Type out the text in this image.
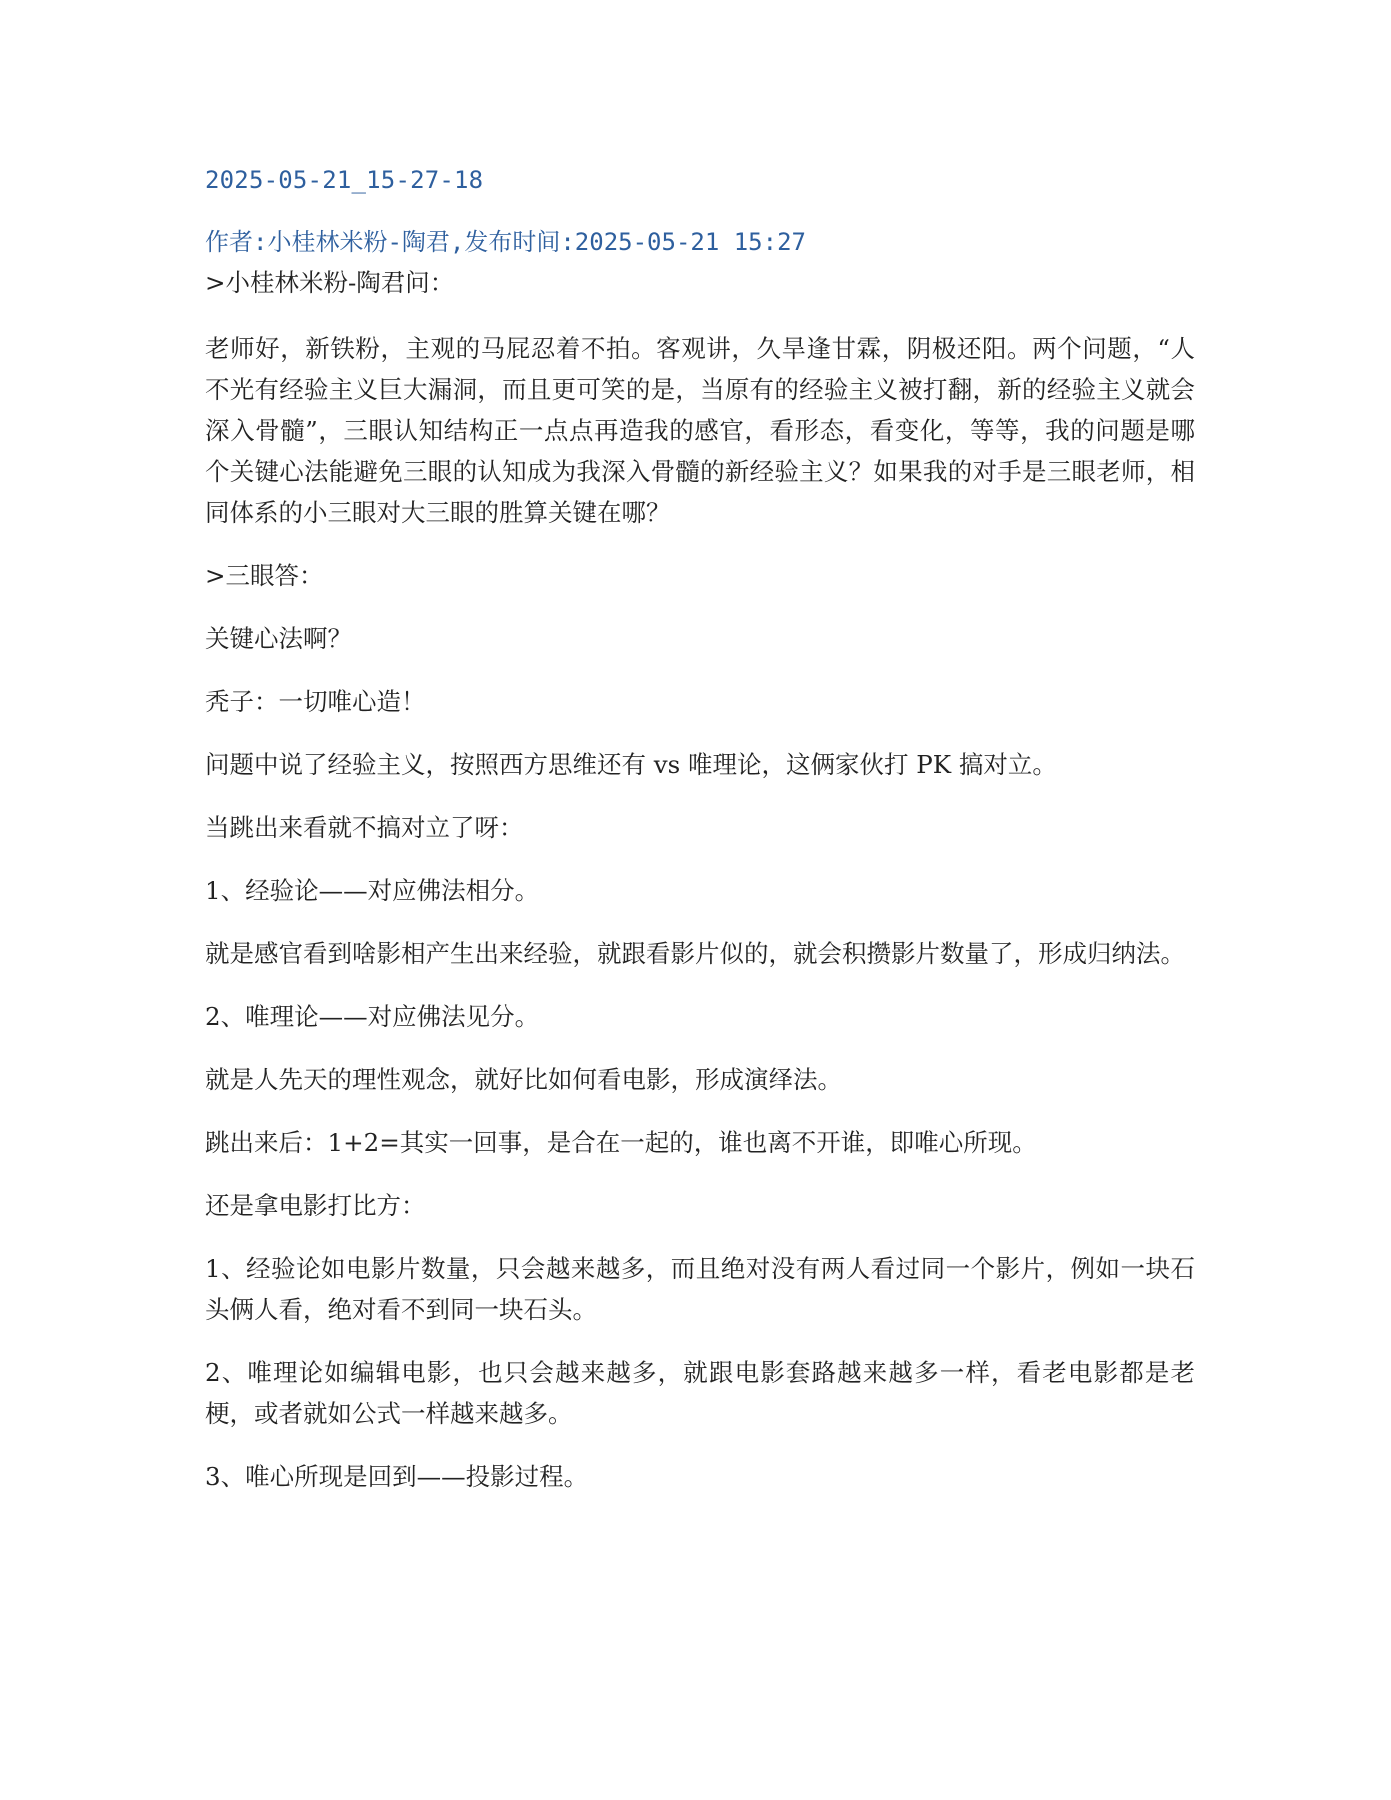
2025-05-21_15-27-18
作者:小桂林米粉-陶君,发布时间:2025-05-21 15:27

>小桂林米粉-陶君问：

老师好，新铁粉，主观的马屁忍着不拍。客观讲，久旱逢甘霖，阴极还阳。两个问题，“人不光有经验主义巨大漏洞，而且更可笑的是，当原有的经验主义被打翻，新的经验主义就会深入骨髓”，三眼认知结构正一点点再造我的感官，看形态，看变化，等等，我的问题是哪个关键心法能避免三眼的认知成为我深入骨髓的新经验主义？如果我的对手是三眼老师，相同体系的小三眼对大三眼的胜算关键在哪？

>三眼答：

关键心法啊？

秃子：一切唯心造！

问题中说了经验主义，按照西方思维还有 vs 唯理论，这俩家伙打 PK 搞对立。

当跳出来看就不搞对立了呀：

1、经验论——对应佛法相分。

就是感官看到啥影相产生出来经验，就跟看影片似的，就会积攒影片数量了，形成归纳法。

2、唯理论——对应佛法见分。

就是人先天的理性观念，就好比如何看电影，形成演绎法。

跳出来后：1+2=其实一回事，是合在一起的，谁也离不开谁，即唯心所现。

还是拿电影打比方：

1、经验论如电影片数量，只会越来越多，而且绝对没有两人看过同一个影片，例如一块石头俩人看，绝对看不到同一块石头。

2、唯理论如编辑电影，也只会越来越多，就跟电影套路越来越多一样，看老电影都是老梗，或者就如公式一样越来越多。

3、唯心所现是回到——投影过程。
